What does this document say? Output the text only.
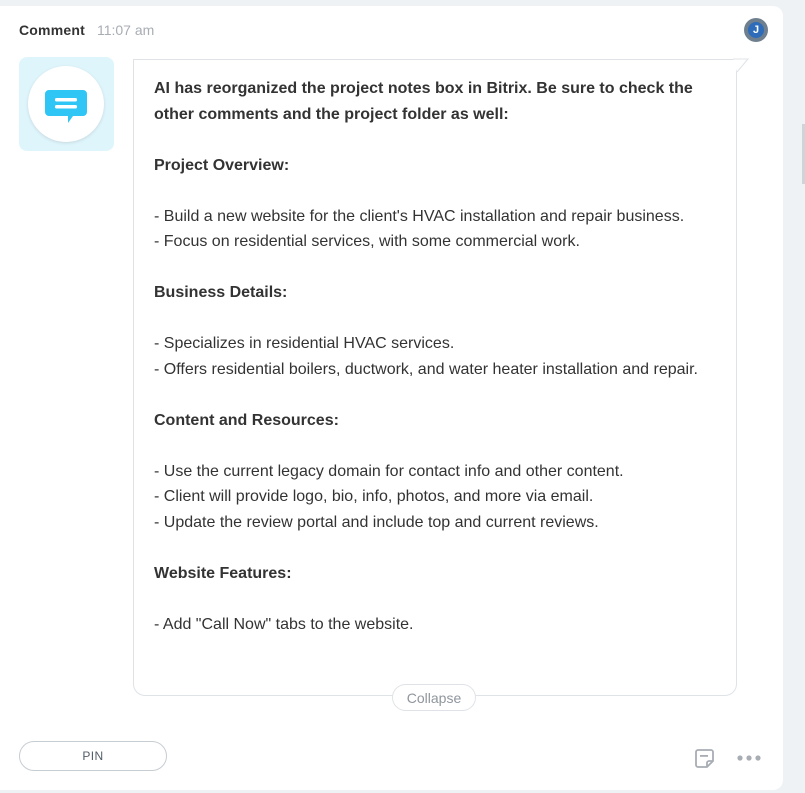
Comment 11:07 am	J

AI has reorganized the project notes box in Bitrix. Be sure to check the other comments and the project folder as well:

Project Overview:

- Build a new website for the client's HVAC installation and repair business.

- Focus on residential services, with some commercial work.

Business Details:

- Specializes in residential HVAC services.

- Offers residential boilers, ductwork, and water heater installation and repair.

Content and Resources:

- Use the current legacy domain for contact info and other content.

- Client will provide logo, bio, info, photos, and more via email.

- Update the review portal and include top and current reviews.

Website Features:

- Add "Call Now" tabs to the website.

Collapse
PIN
